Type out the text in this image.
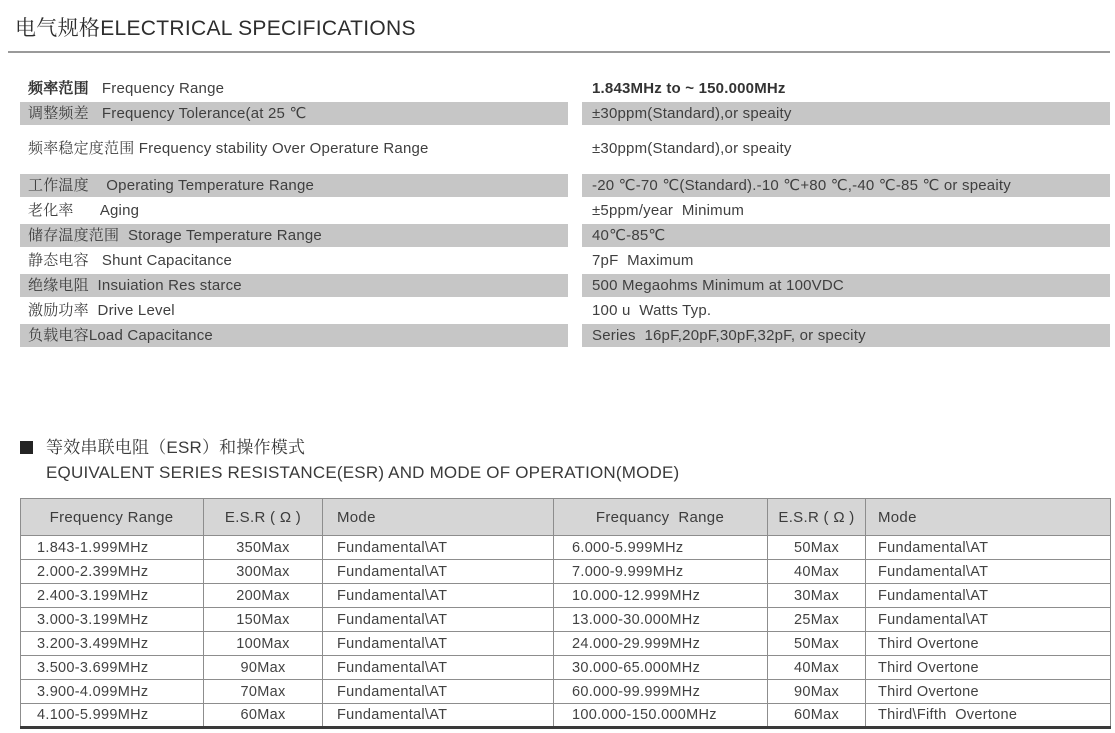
电气规格ELECTRICAL SPECIFICATIONS
频率范围   Frequency Range	1.843MHz to ~ 150.000MHz
调整频差   Frequency Tolerance(at 25 ℃	±30ppm(Standard),or speaity
频率稳定度范围 Frequency stability Over Operature Range	±30ppm(Standard),or speaity
工作温度    Operating Temperature Range	-20 ℃-70 ℃(Standard).-10 ℃+80 ℃,-40 ℃-85 ℃ or speaity
老化率      Aging	±5ppm/year  Minimum
储存温度范围  Storage Temperature Range	40℃-85℃
静态电容   Shunt Capacitance	7pF  Maximum
绝缘电阻  Insuiation Res starce	500 Megaohms Minimum at 100VDC
激励功率  Drive Level	100 u  Watts Typ.
负载电容Load Capacitance	Series  16pF,20pF,30pF,32pF, or specity
等效串联电阻（ESR）和操作模式
EQUIVALENT SERIES RESISTANCE(ESR) AND MODE OF OPERATION(MODE)
Frequency Range	E.S.R ( Ω )	Mode	Frequancy  Range	E.S.R ( Ω )	Mode
1.843-1.999MHz	350Max	Fundamental\AT	6.000-5.999MHz	50Max	Fundamental\AT
2.000-2.399MHz	300Max	Fundamental\AT	7.000-9.999MHz	40Max	Fundamental\AT
2.400-3.199MHz	200Max	Fundamental\AT	10.000-12.999MHz	30Max	Fundamental\AT
3.000-3.199MHz	150Max	Fundamental\AT	13.000-30.000MHz	25Max	Fundamental\AT
3.200-3.499MHz	100Max	Fundamental\AT	24.000-29.999MHz	50Max	Third Overtone
3.500-3.699MHz	90Max	Fundamental\AT	30.000-65.000MHz	40Max	Third Overtone
3.900-4.099MHz	70Max	Fundamental\AT	60.000-99.999MHz	90Max	Third Overtone
4.100-5.999MHz	60Max	Fundamental\AT	100.000-150.000MHz	60Max	Third\Fifth  Overtone
